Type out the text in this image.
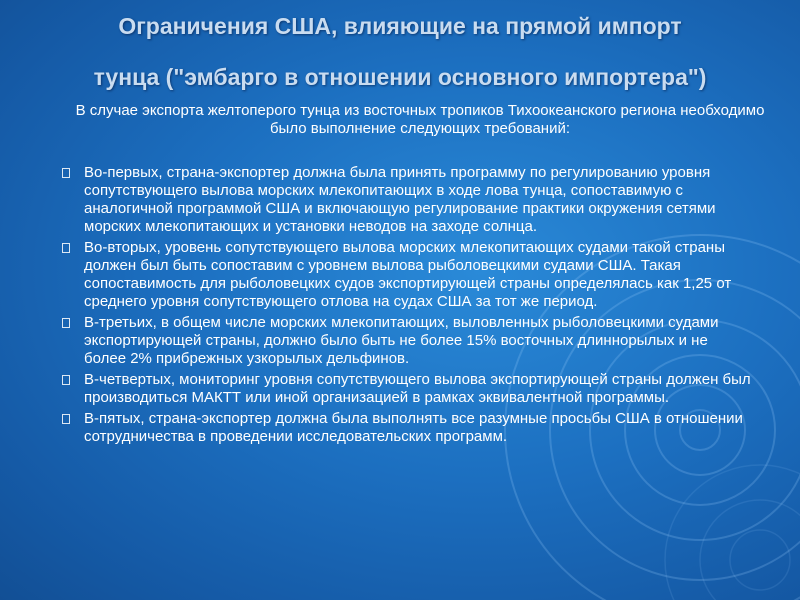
Ограничения США, влияющие на прямой импорт
тунца ("эмбарго в отношении основного импортера")
В случае экспорта желтоперого тунца из восточных тропиков Тихоокеанского региона необходимо было выполнение следующих требований:
Во-первых, страна-экспортер должна была принять программу по регулированию уровня сопутствующего вылова морских млекопитающих в ходе лова тунца, сопоставимую с аналогичной программой США и включающую регулирование практики окружения сетями морских млекопитающих и установки неводов на заходе солнца.
Во-вторых, уровень сопутствующего вылова морских млекопитающих судами такой страны должен был быть сопоставим с уровнем вылова рыболовецкими судами США. Такая сопоставимость для рыболовецких судов экспортирующей страны определялась как 1,25 от среднего уровня сопутствующего отлова на судах США за тот же период.
В-третьих, в общем числе морских млекопитающих, выловленных рыболовецкими судами экспортирующей страны, должно было быть не более 15% восточных длиннорылых и не более 2% прибрежных узкорылых дельфинов.
В-четвертых, мониторинг уровня сопутствующего вылова экспортирующей страны должен был производиться МАКТТ или иной организацией в рамках эквивалентной программы.
В-пятых, страна-экспортер должна была выполнять все разумные просьбы США в отношении сотрудничества в проведении исследовательских программ.
